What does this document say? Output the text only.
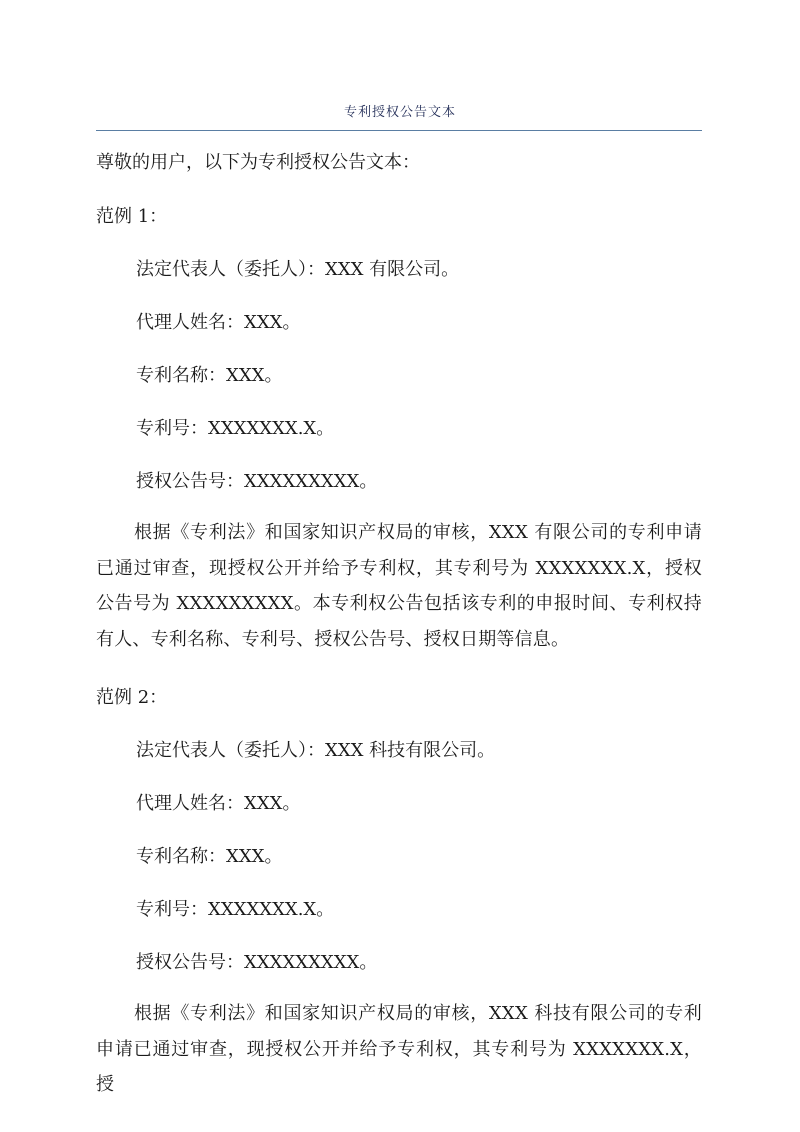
专利授权公告文本

尊敬的用户，以下为专利授权公告文本：

范例 1：

法定代表人（委托人）：XXX 有限公司。

代理人姓名：XXX。

专利名称：XXX。

专利号：XXXXXXX.X。

授权公告号：XXXXXXXXX。

根据《专利法》和国家知识产权局的审核，XXX 有限公司的专利申请已通过审查，现授权公开并给予专利权，其专利号为 XXXXXXX.X，授权公告号为 XXXXXXXXX。本专利权公告包括该专利的申报时间、专利权持有人、专利名称、专利号、授权公告号、授权日期等信息。

范例 2：

法定代表人（委托人）：XXX 科技有限公司。

代理人姓名：XXX。

专利名称：XXX。

专利号：XXXXXXX.X。

授权公告号：XXXXXXXXX。

根据《专利法》和国家知识产权局的审核，XXX 科技有限公司的专利申请已通过审查，现授权公开并给予专利权，其专利号为 XXXXXXX.X，授
